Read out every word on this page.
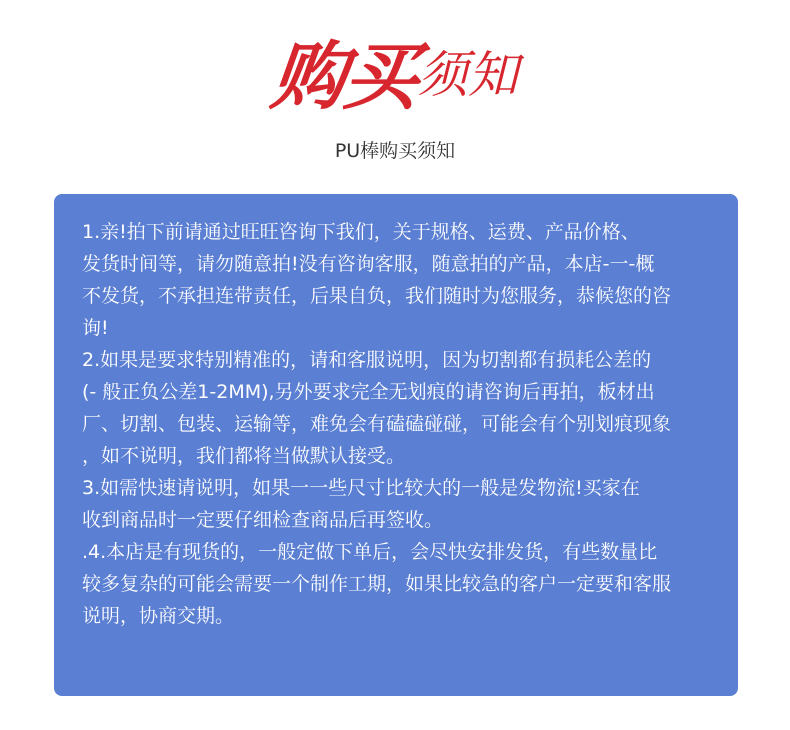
购买须知
PU棒购买须知

1.亲!拍下前请通过旺旺咨询下我们，关于规格、运费、产品价格、

发货时间等，请勿随意拍!没有咨询客服，随意拍的产品，本店-一-概

不发货，不承担连带责任，后果自负，我们随时为您服务，恭候您的咨

询!

2.如果是要求特别精准的，请和客服说明，因为切割都有损耗公差的

(- 般正负公差1-2MM),另外要求完全无划痕的请咨询后再拍，板材出

厂、切割、包装、运输等，难免会有磕磕碰碰，可能会有个别划痕现象

，如不说明，我们都将当做默认接受。

3.如需快速请说明，如果一一些尺寸比较大的一般是发物流!买家在

收到商品时一定要仔细检查商品后再签收。

.4.本店是有现货的，一般定做下单后，会尽快安排发货，有些数量比

较多复杂的可能会需要一个制作工期，如果比较急的客户一定要和客服

说明，协商交期。
